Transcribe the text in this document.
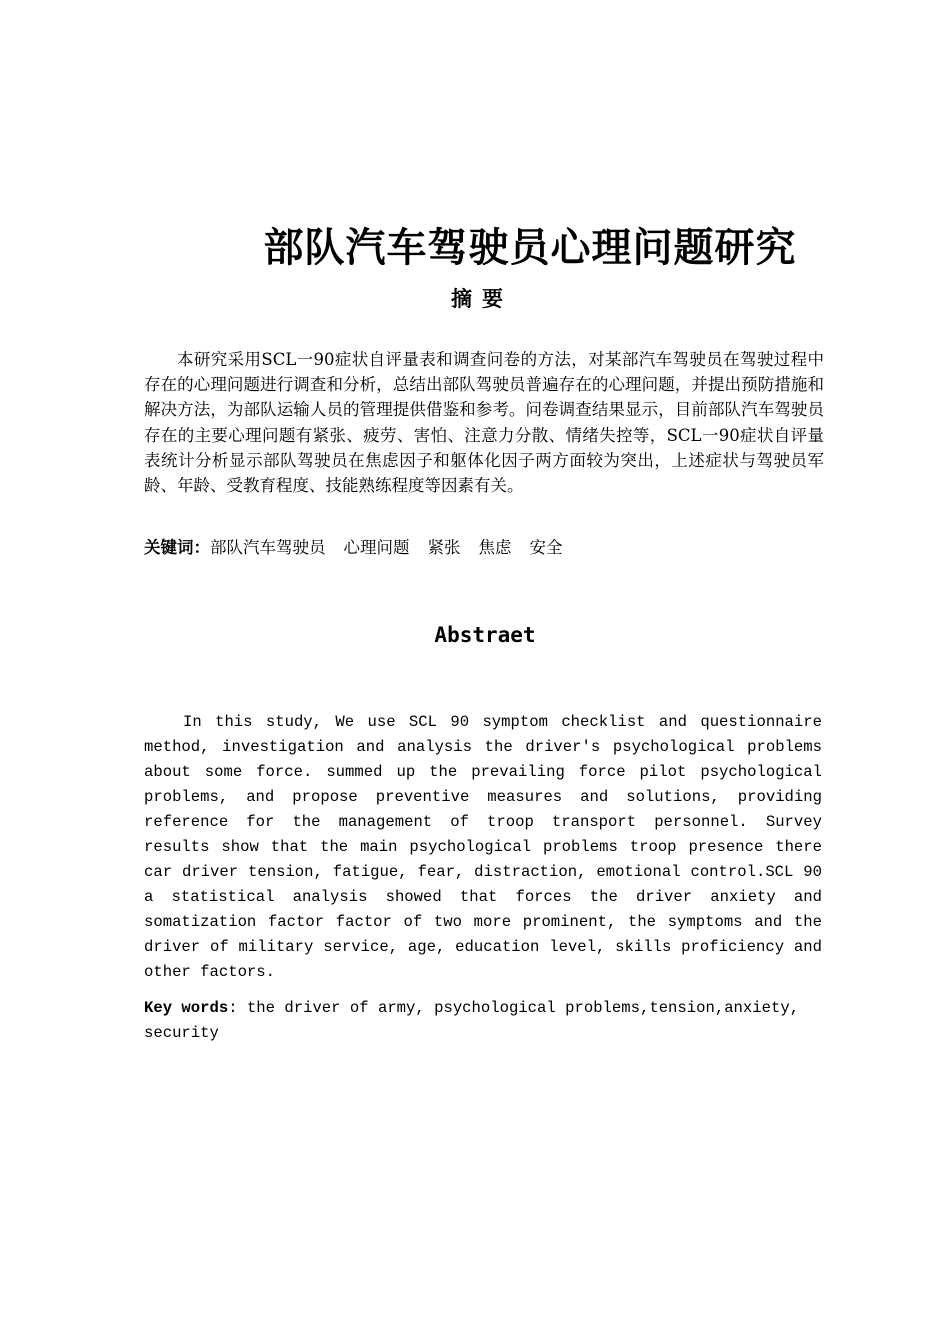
部队汽车驾驶员心理问题研究
摘要

本研究采用SCL一90症状自评量表和调查问卷的方法，对某部汽车驾驶员在驾驶过程中存在的心理问题进行调查和分析，总结出部队驾驶员普遍存在的心理问题，并提出预防措施和解决方法，为部队运输人员的管理提供借鉴和参考。问卷调查结果显示，目前部队汽车驾驶员存在的主要心理问题有紧张、疲劳、害怕、注意力分散、情绪失控等，SCL一90症状自评量表统计分析显示部队驾驶员在焦虑因子和躯体化因子两方面较为突出，上述症状与驾驶员军龄、年龄、受教育程度、技能熟练程度等因素有关。

关键词：部队汽车驾驶员 心理问题 紧张 焦虑 安全

Abstraet

In this study, We use SCL 90 symptom checklist and questionnaire method, investigation and analysis the driver's psychological problems about some force. summed up the prevailing force pilot psychological problems, and propose preventive measures and solutions, providing reference for the management of troop transport personnel. Survey results show that the main psychological problems troop presence there car driver tension, fatigue, fear, distraction, emotional control.SCL 90 a statistical analysis showed that forces the driver anxiety and somatization factor factor of two more prominent, the symptoms and the driver of military service, age, education level, skills proficiency and other factors.

Key words: the driver of army, psychological problems,tension,anxiety, security
